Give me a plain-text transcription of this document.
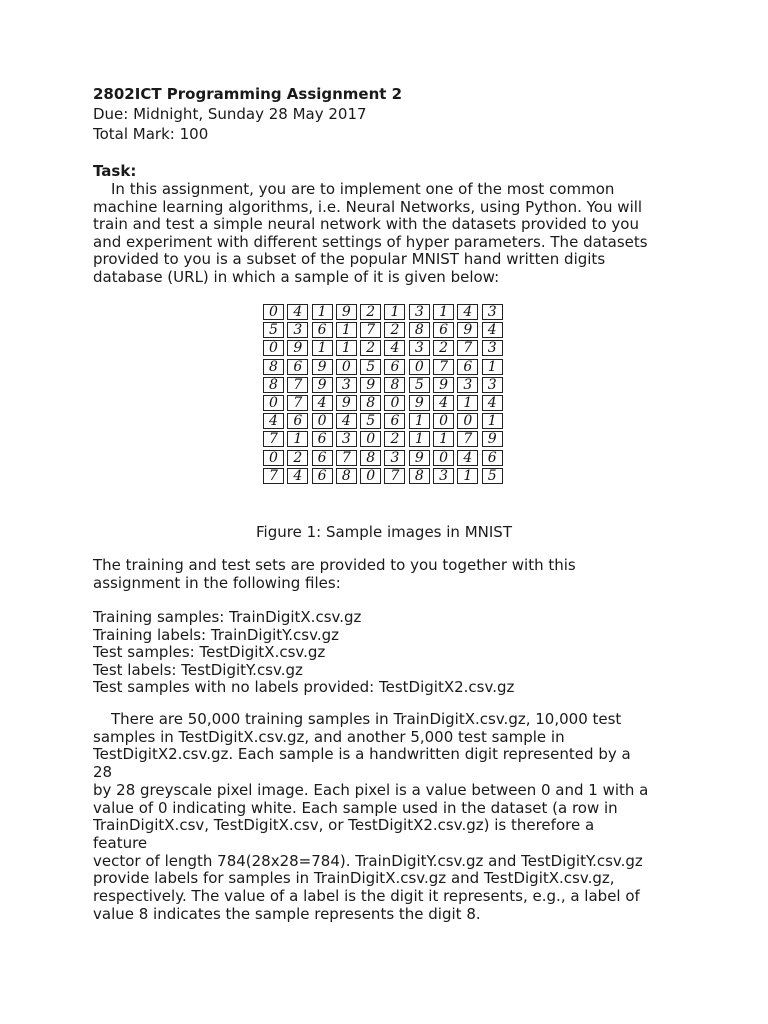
2802ICT Programming Assignment 2

Due: Midnight, Sunday 28 May 2017

Total Mark: 100

Task:

In this assignment, you are to implement one of the most common

machine learning algorithms, i.e. Neural Networks, using Python. You will

train and test a simple neural network with the datasets provided to you

and experiment with different settings of hyper parameters. The datasets

provided to you is a subset of the popular MNIST hand written digits

database (URL) in which a sample of it is given below:

0	4	1	9	2	1	3	1	4	3
5	3	6	1	7	2	8	6	9	4
0	9	1	1	2	4	3	2	7	3
8	6	9	0	5	6	0	7	6	1
8	7	9	3	9	8	5	9	3	3
0	7	4	9	8	0	9	4	1	4
4	6	0	4	5	6	1	0	0	1
7	1	6	3	0	2	1	1	7	9
0	2	6	7	8	3	9	0	4	6
7	4	6	8	0	7	8	3	1	5

Figure 1: Sample images in MNIST

The training and test sets are provided to you together with this

assignment in the following files:

Training samples: TrainDigitX.csv.gz

Training labels: TrainDigitY.csv.gz

Test samples: TestDigitX.csv.gz

Test labels: TestDigitY.csv.gz

Test samples with no labels provided: TestDigitX2.csv.gz

There are 50,000 training samples in TrainDigitX.csv.gz, 10,000 test

samples in TestDigitX.csv.gz, and another 5,000 test sample in

TestDigitX2.csv.gz. Each sample is a handwritten digit represented by a 28

by 28 greyscale pixel image. Each pixel is a value between 0 and 1 with a

value of 0 indicating white. Each sample used in the dataset (a row in

TrainDigitX.csv, TestDigitX.csv, or TestDigitX2.csv.gz) is therefore a feature

vector of length 784(28x28=784). TrainDigitY.csv.gz and TestDigitY.csv.gz

provide labels for samples in TrainDigitX.csv.gz and TestDigitX.csv.gz,

respectively. The value of a label is the digit it represents, e.g., a label of

value 8 indicates the sample represents the digit 8.
